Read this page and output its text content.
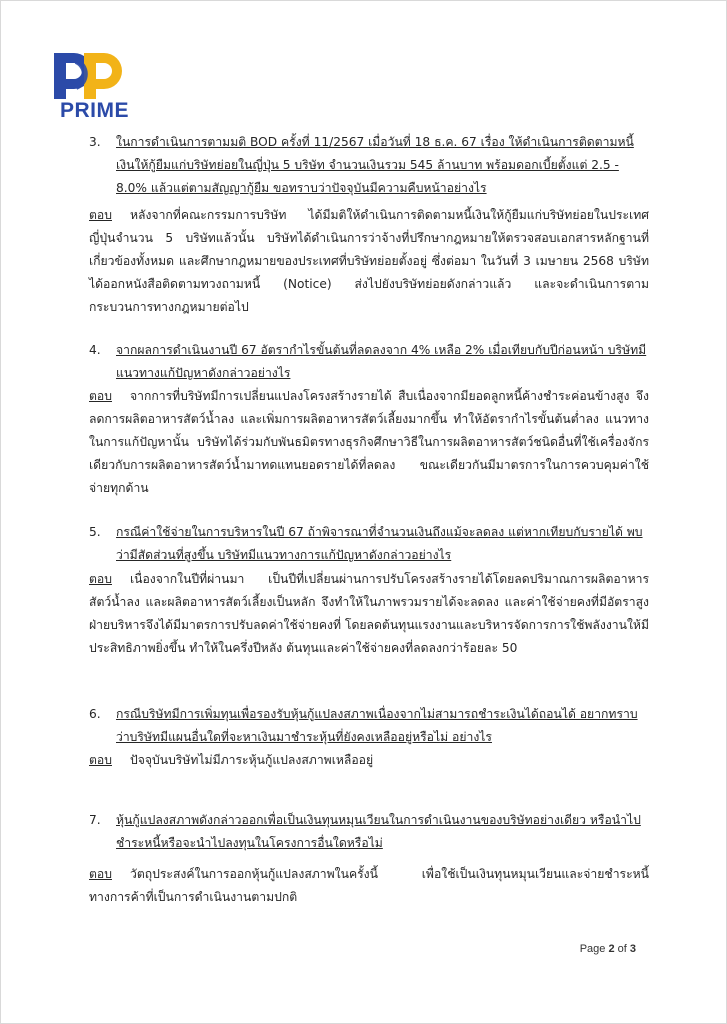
PRIME
3.	ในการดำเนินการตามมติ BOD ครั้งที่ 11/2567 เมื่อวันที่ 18 ธ.ค. 67 เรื่อง ให้ดำเนินการติดตามหนี้เงินให้กู้ยืมแก่บริษัทย่อยในญี่ปุ่น 5 บริษัท จำนวนเงินรวม 545 ล้านบาท พร้อมดอกเบี้ยตั้งแต่ 2.5 - 8.0% แล้วแต่ตามสัญญากู้ยืม ขอทราบว่าปัจจุบันมีความคืบหน้าอย่างไร
ตอบ หลังจากที่คณะกรรมการบริษัท ได้มีมติให้ดำเนินการติดตามหนี้เงินให้กู้ยืมแก่บริษัทย่อยในประเทศญี่ปุ่นจำนวน 5 บริษัทแล้วนั้น บริษัทได้ดำเนินการว่าจ้างที่ปรึกษากฎหมายให้ตรวจสอบเอกสารหลักฐานที่เกี่ยวข้องทั้งหมด และศึกษากฎหมายของประเทศที่บริษัทย่อยตั้งอยู่ ซึ่งต่อมา ในวันที่ 3 เมษายน 2568 บริษัทได้ออกหนังสือติดตามทวงถามหนี้ (Notice) ส่งไปยังบริษัทย่อยดังกล่าวแล้ว และจะดำเนินการตามกระบวนการทางกฎหมายต่อไป
4.	จากผลการดำเนินงานปี 67 อัตรากำไรขั้นต้นที่ลดลงจาก 4% เหลือ 2% เมื่อเทียบกับปีก่อนหน้า บริษัทมีแนวทางแก้ปัญหาดังกล่าวอย่างไร
ตอบ จากการที่บริษัทมีการเปลี่ยนแปลงโครงสร้างรายได้ สืบเนื่องจากมียอดลูกหนี้ค้างชำระค่อนข้างสูง จึงลดการผลิตอาหารสัตว์น้ำลง และเพิ่มการผลิตอาหารสัตว์เลี้ยงมากขึ้น ทำให้อัตรากำไรขั้นต้นต่ำลง แนวทางในการแก้ปัญหานั้น บริษัทได้ร่วมกับพันธมิตรทางธุรกิจศึกษาวิธีในการผลิตอาหารสัตว์ชนิดอื่นที่ใช้เครื่องจักรเดียวกับการผลิตอาหารสัตว์น้ำมาทดแทนยอดรายได้ที่ลดลง ขณะเดียวกันมีมาตรการในการควบคุมค่าใช้จ่ายทุกด้าน
5.	กรณีค่าใช้จ่ายในการบริหารในปี 67 ถ้าพิจารณาที่จำนวนเงินถึงแม้จะลดลง แต่หากเทียบกับรายได้ พบว่ามีสัดส่วนที่สูงขึ้น บริษัทมีแนวทางการแก้ปัญหาดังกล่าวอย่างไร
ตอบ เนื่องจากในปีที่ผ่านมา เป็นปีที่เปลี่ยนผ่านการปรับโครงสร้างรายได้โดยลดปริมาณการผลิตอาหารสัตว์น้ำลง และผลิตอาหารสัตว์เลี้ยงเป็นหลัก จึงทำให้ในภาพรวมรายได้จะลดลง และค่าใช้จ่ายคงที่มีอัตราสูง ฝ่ายบริหารจึงได้มีมาตรการปรับลดค่าใช้จ่ายคงที่ โดยลดต้นทุนแรงงานและบริหารจัดการการใช้พลังงานให้มีประสิทธิภาพยิ่งขึ้น ทำให้ในครึ่งปีหลัง ต้นทุนและค่าใช้จ่ายคงที่ลดลงกว่าร้อยละ 50
6.	กรณีบริษัทมีการเพิ่มทุนเพื่อรองรับหุ้นกู้แปลงสภาพเนื่องจากไม่สามารถชำระเงินได้ถอนได้ อยากทราบว่าบริษัทมีแผนอื่นใดที่จะหาเงินมาชำระหุ้นที่ยังคงเหลืออยู่หรือไม่ อย่างไร
ตอบ ปัจจุบันบริษัทไม่มีภาระหุ้นกู้แปลงสภาพเหลืออยู่
7.	หุ้นกู้แปลงสภาพดังกล่าวออกเพื่อเป็นเงินทุนหมุนเวียนในการดำเนินงานของบริษัทอย่างเดียว หรือนำไปชำระหนี้หรือจะนำไปลงทุนในโครงการอื่นใดหรือไม่
ตอบ วัตถุประสงค์ในการออกหุ้นกู้แปลงสภาพในครั้งนี้ เพื่อใช้เป็นเงินทุนหมุนเวียนและจ่ายชำระหนี้ทางการค้าที่เป็นการดำเนินงานตามปกติ
Page 2 of 3
